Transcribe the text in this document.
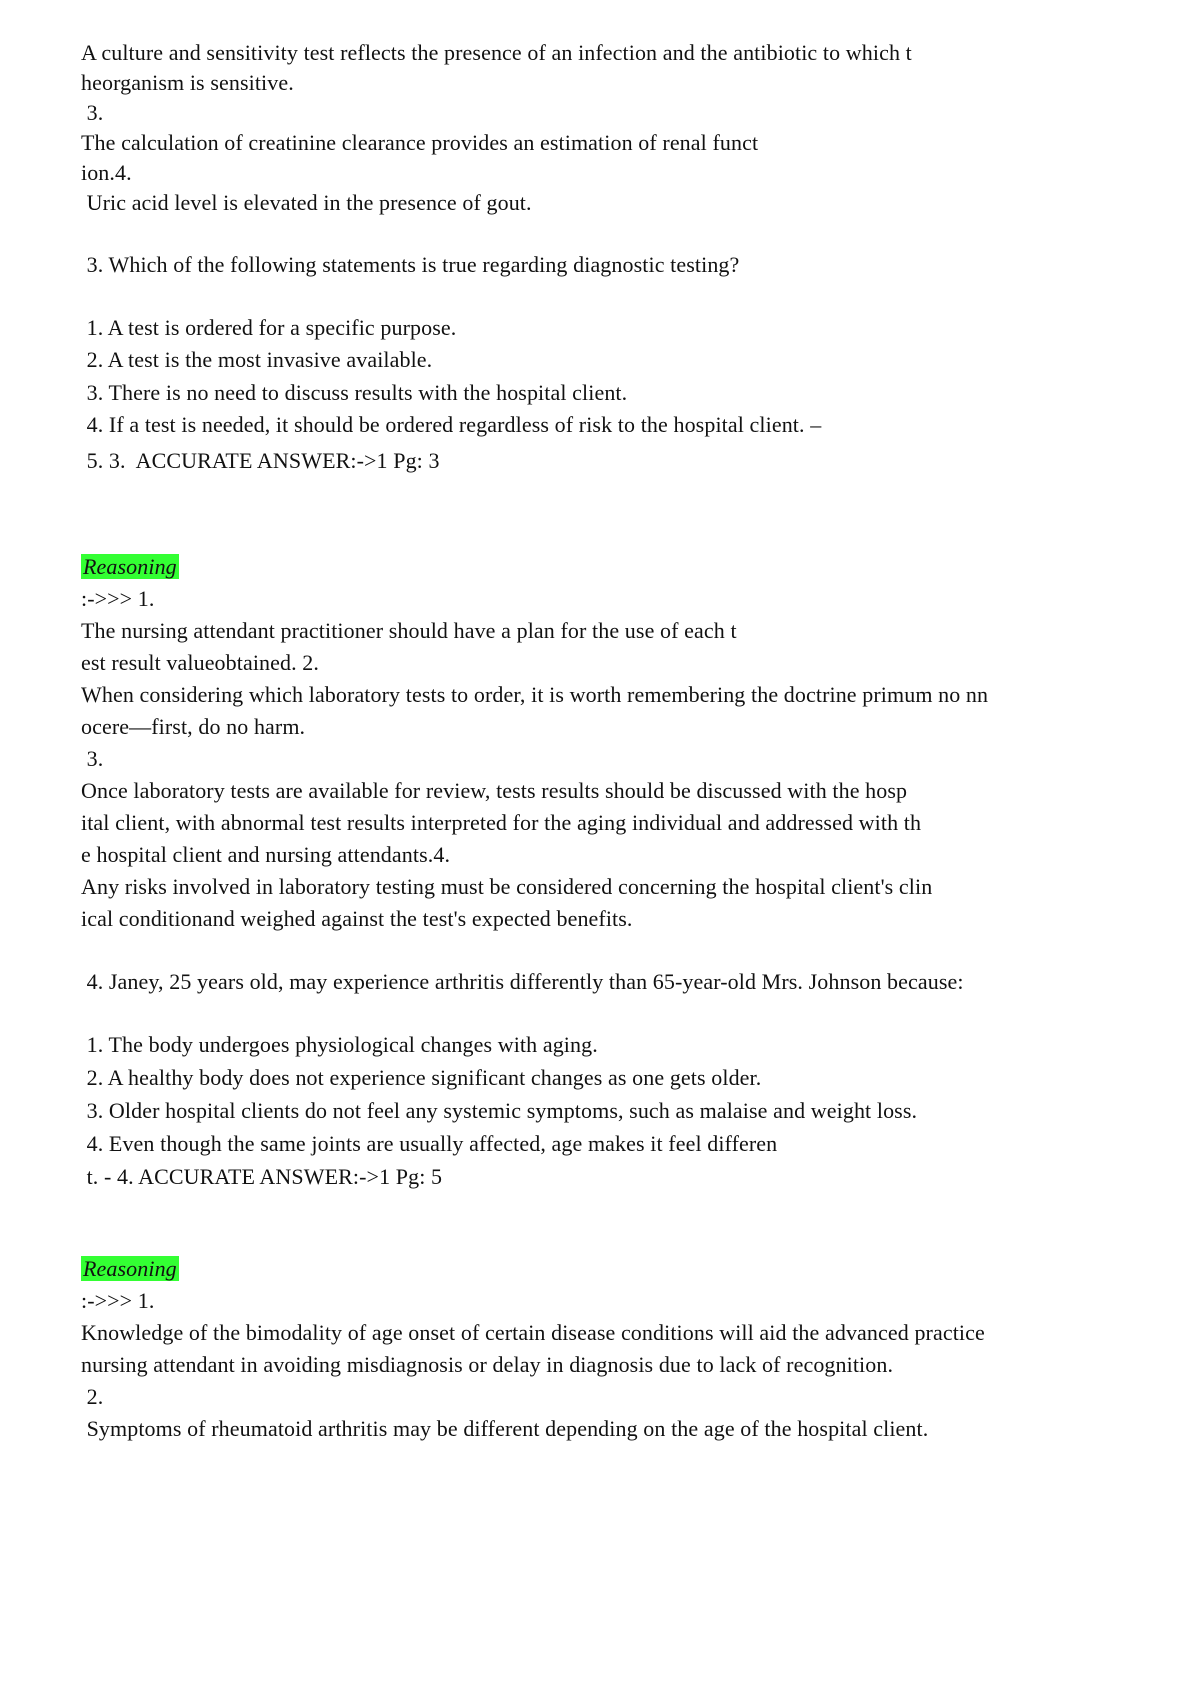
A culture and sensitivity test reflects the presence of an infection and the antibiotic to which t
heorganism is sensitive.
3.
The calculation of creatinine clearance provides an estimation of renal funct
ion.4.
Uric acid level is elevated in the presence of gout.
3. Which of the following statements is true regarding diagnostic testing?
1. A test is ordered for a specific purpose.
2. A test is the most invasive available.
3. There is no need to discuss results with the hospital client.
4. If a test is needed, it should be ordered regardless of risk to the hospital client. –
5. 3.  ACCURATE ANSWER:->1 Pg: 3
Reasoning
:->>> 1.
The nursing attendant practitioner should have a plan for the use of each t
est result valueobtained. 2.
When considering which laboratory tests to order, it is worth remembering the doctrine primum no nn
ocere—first, do no harm.
3.
Once laboratory tests are available for review, tests results should be discussed with the hosp
ital client, with abnormal test results interpreted for the aging individual and addressed with th
e hospital client and nursing attendants.4.
Any risks involved in laboratory testing must be considered concerning the hospital client's clin
ical conditionand weighed against the test's expected benefits.
4. Janey, 25 years old, may experience arthritis differently than 65-year-old Mrs. Johnson because:
1. The body undergoes physiological changes with aging.
2. A healthy body does not experience significant changes as one gets older.
3. Older hospital clients do not feel any systemic symptoms, such as malaise and weight loss.
4. Even though the same joints are usually affected, age makes it feel differen
t. - 4. ACCURATE ANSWER:->1 Pg: 5
Reasoning
:->>> 1.
Knowledge of the bimodality of age onset of certain disease conditions will aid the advanced practice
nursing attendant in avoiding misdiagnosis or delay in diagnosis due to lack of recognition.
2.
Symptoms of rheumatoid arthritis may be different depending on the age of the hospital client.
